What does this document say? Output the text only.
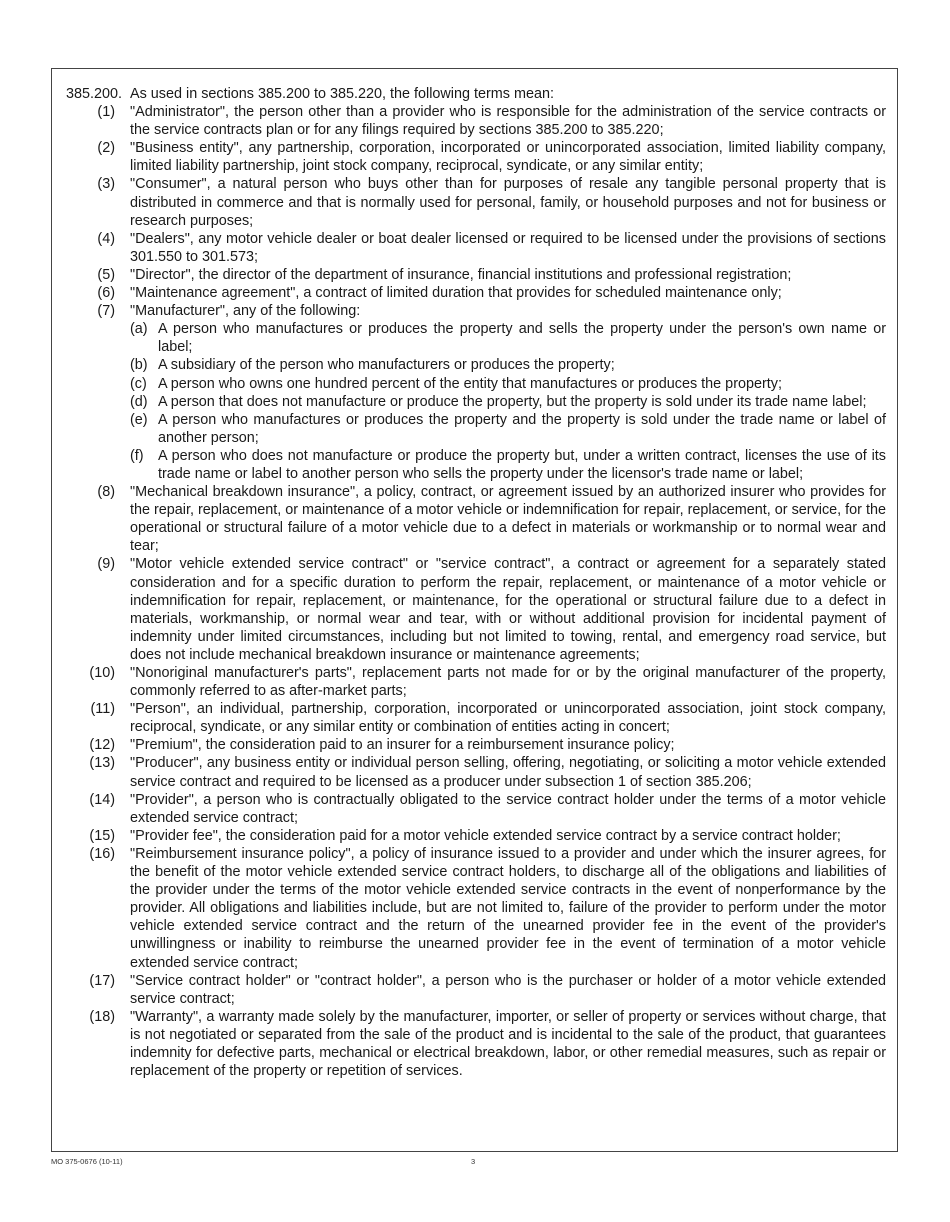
385.200. As used in sections 385.200 to 385.220, the following terms mean:
(1)	"Administrator", the person other than a provider who is responsible for the administration of the service contracts or the service contracts plan or for any filings required by sections 385.200 to 385.220;
(2)	"Business entity", any partnership, corporation, incorporated or unincorporated association, limited liability company, limited liability partnership, joint stock company, reciprocal, syndicate, or any similar entity;
(3)	"Consumer", a natural person who buys other than for purposes of resale any tangible personal property that is distributed in commerce and that is normally used for personal, family, or household purposes and not for business or research purposes;
(4)	"Dealers", any motor vehicle dealer or boat dealer licensed or required to be licensed under the provisions of sections 301.550 to 301.573;
(5)	"Director", the director of the department of insurance, financial institutions and professional registration;
(6)	"Maintenance agreement", a contract of limited duration that provides for scheduled maintenance only;
(7)	"Manufacturer", any of the following:
(a) A person who manufactures or produces the property and sells the property under the person's own name or label;
(b) A subsidiary of the person who manufacturers or produces the property;
(c) A person who owns one hundred percent of the entity that manufactures or produces the property;
(d) A person that does not manufacture or produce the property, but the property is sold under its trade name label;
(e) A person who manufactures or produces the property and the property is sold under the trade name or label of another person;
(f)	A person who does not manufacture or produce the property but, under a written contract, licenses the use of its trade name or label to another person who sells the property under the licensor's trade name or label;
(8)	"Mechanical breakdown insurance", a policy, contract, or agreement issued by an authorized insurer who provides for the repair, replacement, or maintenance of a motor vehicle or indemnification for repair, replacement, or service, for the operational or structural failure of a motor vehicle due to a defect in materials or workmanship or to normal wear and tear;
(9)	"Motor vehicle extended service contract" or "service contract", a contract or agreement for a separately stated consideration and for a specific duration to perform the repair, replacement, or maintenance of a motor vehicle or indemnification for repair, replacement, or maintenance, for the operational or structural failure due to a defect in materials, workmanship, or normal wear and tear, with or without additional provision for incidental payment of indemnity under limited circumstances, including but not limited to towing, rental, and emergency road service, but does not include mechanical breakdown insurance or maintenance agreements;
(10)	"Nonoriginal manufacturer's parts", replacement parts not made for or by the original manufacturer of the property, commonly referred to as after-market parts;
(11)	"Person", an individual, partnership, corporation, incorporated or unincorporated association, joint stock company, reciprocal, syndicate, or any similar entity or combination of entities acting in concert;
(12)	"Premium", the consideration paid to an insurer for a reimbursement insurance policy;
(13)	"Producer", any business entity or individual person selling, offering, negotiating, or soliciting a motor vehicle extended service contract and required to be licensed as a producer under subsection 1 of section 385.206;
(14)	"Provider", a person who is contractually obligated to the service contract holder under the terms of a motor vehicle extended service contract;
(15)	"Provider fee", the consideration paid for a motor vehicle extended service contract by a service contract holder;
(16)	"Reimbursement insurance policy", a policy of insurance issued to a provider and under which the insurer agrees, for the benefit of the motor vehicle extended service contract holders, to discharge all of the obligations and liabilities of the provider under the terms of the motor vehicle extended service contracts in the event of nonperformance by the provider. All obligations and liabilities include, but are not limited to, failure of the provider to perform under the motor vehicle extended service contract and the return of the unearned provider fee in the event of the provider's unwillingness or inability to reimburse the unearned provider fee in the event of termination of a motor vehicle extended service contract;
(17)	"Service contract holder" or "contract holder", a person who is the purchaser or holder of a motor vehicle extended service contract;
(18)	"Warranty", a warranty made solely by the manufacturer, importer, or seller of property or services without charge, that is not negotiated or separated from the sale of the product and is incidental to the sale of the product, that guarantees indemnity for defective parts, mechanical or electrical breakdown, labor, or other remedial measures, such as repair or replacement of the property or repetition of services.
MO 375-0676 (10-11)	3
